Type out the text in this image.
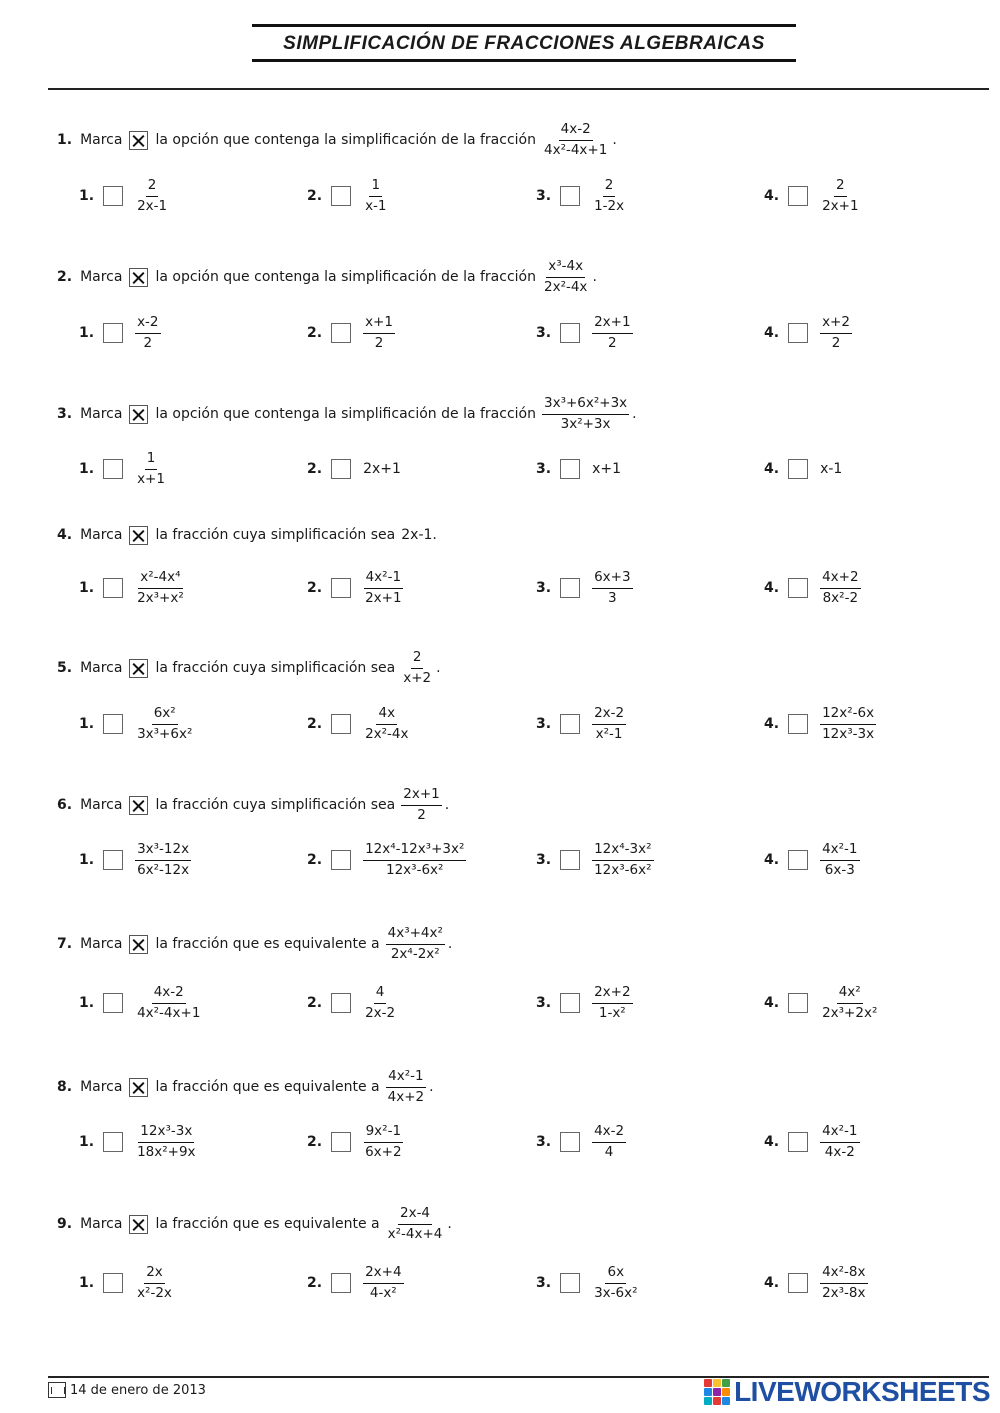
SIMPLIFICACIÓN DE FRACCIONES ALGEBRAICAS
1. Marca la opción que contenga la simplificación de la fracción $\frac{4x-2}{\text{4x²-4x+1}}$ .
1.	$\frac{2}{2x-1}$	2.	$\frac{1}{x-1}$	3.	$\frac{2}{1-2x}$	4.	$\frac{2}{2x+1}$
2. Marca la opción que contenga la simplificación de la fracción $\frac{\text{x³-4x}}{\text{2x²-4x}}$ .
1.	$\frac{x-2}{2}$	2.	$\frac{x+1}{2}$	3.	$\frac{2x+1}{2}$	4.	$\frac{x+2}{2}$
3. Marca la opción que contenga la simplificación de la fracción $\frac{\text{3x³+6x²+3x}}{\text{3x²+3x}}$ .
1.	$\frac{1}{x+1}$	2.	2x+1	3.	x+1	4.	x-1
4. Marca la fracción cuya simplificación sea 2x-1.
1.	$\frac{\text{x²-4x⁴}}{\text{2x³+x²}}$	2.	$\frac{\text{4x²-1}}{2x+1}$	3.	$\frac{6x+3}{3}$	4.	$\frac{4x+2}{\text{8x²-2}}$
5. Marca la fracción cuya simplificación sea $\frac{2}{x+2}$ .
1.	$\frac{\text{6x²}}{\text{3x³+6x²}}$	2.	$\frac{4x}{\text{2x²-4x}}$	3.	$\frac{2x-2}{\text{x²-1}}$	4.	$\frac{\text{12x²-6x}}{\text{12x³-3x}}$
6. Marca la fracción cuya simplificación sea $\frac{2x+1}{2}$ .
1.	$\frac{\text{3x³-12x}}{\text{6x²-12x}}$	2.	$\frac{\text{12x⁴-12x³+3x²}}{\text{12x³-6x²}}$	3.	$\frac{\text{12x⁴-3x²}}{\text{12x³-6x²}}$	4.	$\frac{\text{4x²-1}}{6x-3}$
7. Marca la fracción que es equivalente a $\frac{\text{4x³+4x²}}{\text{2x⁴-2x²}}$ .
1.	$\frac{4x-2}{\text{4x²-4x+1}}$	2.	$\frac{4}{2x-2}$	3.	$\frac{2x+2}{\text{1-x²}}$	4.	$\frac{\text{4x²}}{\text{2x³+2x²}}$
8. Marca la fracción que es equivalente a $\frac{\text{4x²-1}}{4x+2}$ .
1.	$\frac{\text{12x³-3x}}{\text{18x²+9x}}$	2.	$\frac{\text{9x²-1}}{6x+2}$	3.	$\frac{4x-2}{4}$	4.	$\frac{\text{4x²-1}}{4x-2}$
9. Marca la fracción que es equivalente a $\frac{2x-4}{\text{x²-4x+4}}$ .
1.	$\frac{2x}{\text{x²-2x}}$	2.	$\frac{2x+4}{\text{4-x²}}$	3.	$\frac{6x}{\text{3x-6x²}}$	4.	$\frac{\text{4x²-8x}}{\text{2x³-8x}}$
14 de enero de 2013	LIVEWORKSHEETS
